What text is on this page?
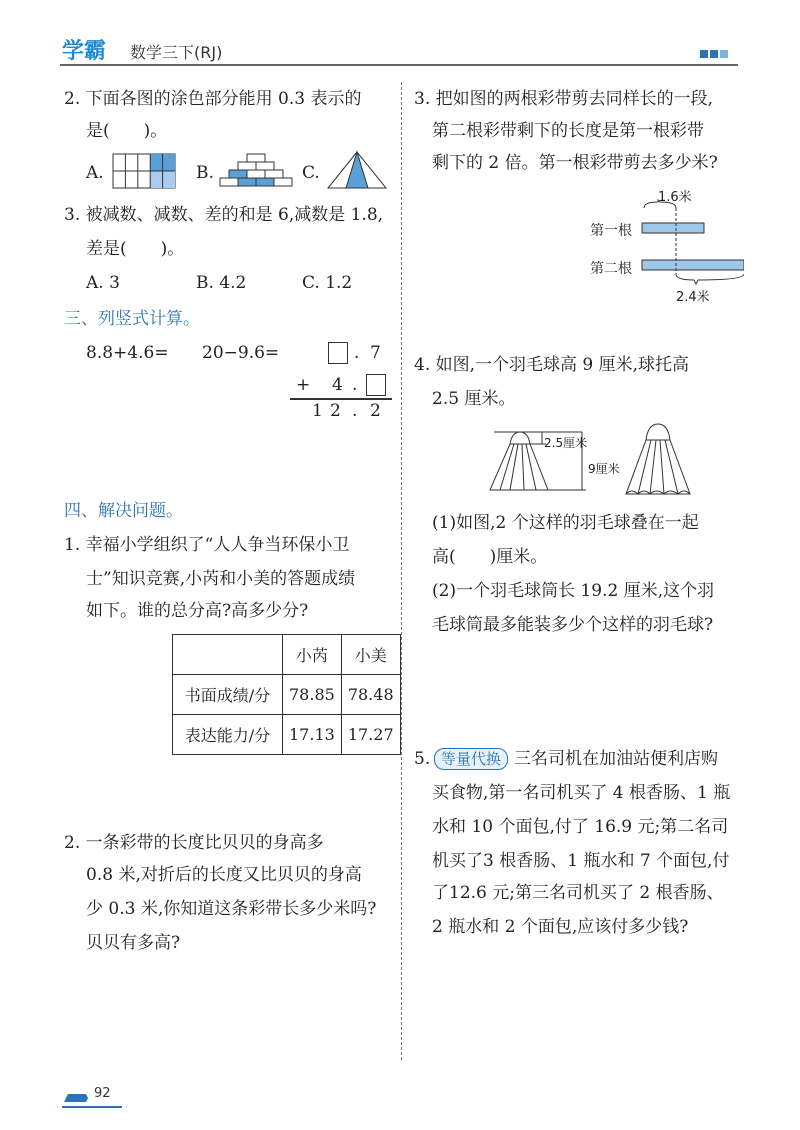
学霸 数学三下(RJ)
2. 下面各图的涂色部分能用 0.3 表示的
是(　　)。
A.	B.	C.
3. 被减数、减数、差的和是 6,减数是 1.8,
差是(　　)。
A. 3	B. 4.2	C. 1.2
三、列竖式计算。
8.8+4.6= 20−9.6=	. 7
+ 4 .
1 2 . 2
四、解决问题。
1. 幸福小学组织了“人人争当环保小卫
士”知识竞赛,小芮和小美的答题成绩
如下。谁的总分高?高多少分?
	小芮	小美
书面成绩/分	78.85	78.48
表达能力/分	17.13	17.27
2. 一条彩带的长度比贝贝的身高多
0.8 米,对折后的长度又比贝贝的身高
少 0.3 米,你知道这条彩带长多少米吗?
贝贝有多高?
3. 把如图的两根彩带剪去同样长的一段,
第二根彩带剩下的长度是第一根彩带
剩下的 2 倍。第一根彩带剪去多少米?
1.6米
第一根
第二根
2.4米
4. 如图,一个羽毛球高 9 厘米,球托高
2.5 厘米。
2.5厘米
9厘米
(1)如图,2 个这样的羽毛球叠在一起
高(　　)厘米。
(2)一个羽毛球筒长 19.2 厘米,这个羽
毛球筒最多能装多少个这样的羽毛球?
5. 等量代换 三名司机在加油站便利店购
买食物,第一名司机买了 4 根香肠、1 瓶
水和 10 个面包,付了 16.9 元;第二名司
机买了3 根香肠、1 瓶水和 7 个面包,付
了12.6 元;第三名司机买了 2 根香肠、
2 瓶水和 2 个面包,应该付多少钱?
92
